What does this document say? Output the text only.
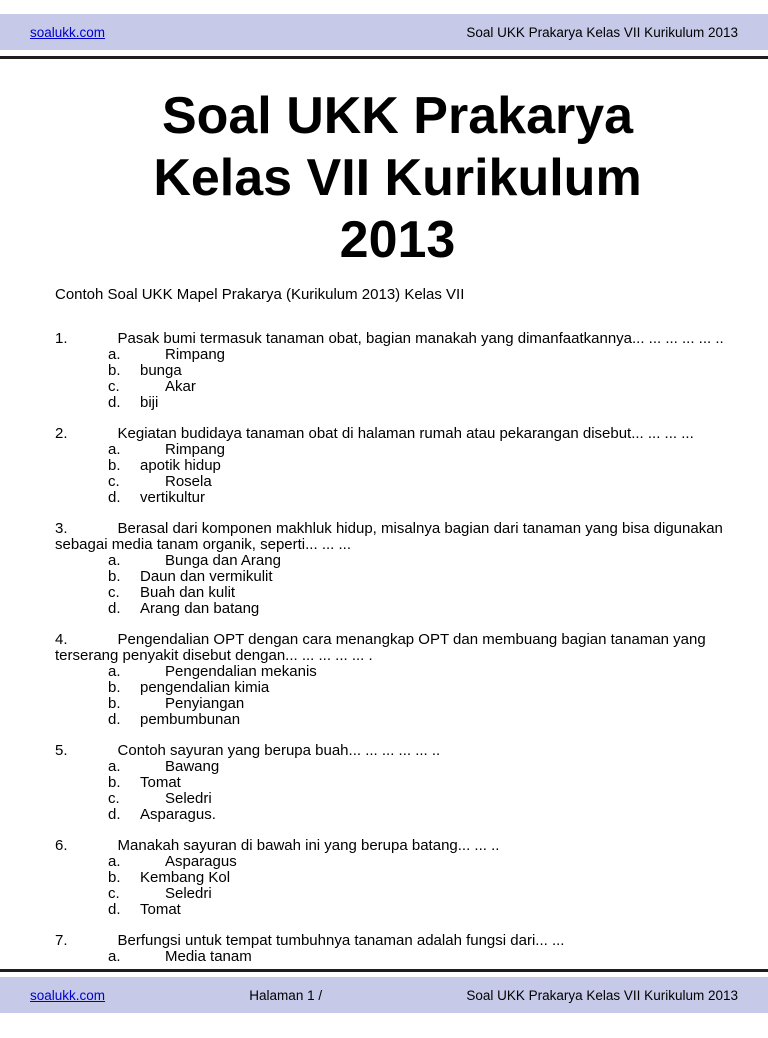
soalukk.com	Soal UKK Prakarya Kelas VII Kurikulum 2013
Soal UKK Prakarya
Kelas VII Kurikulum
2013
Contoh Soal UKK Mapel Prakarya (Kurikulum 2013) Kelas VII
1.	Pasak bumi termasuk tanaman obat, bagian manakah yang dimanfaatkannya... ... ... ... ... ..
a.	Rimpang
b. bunga
c.	Akar
d. biji
2.	Kegiatan budidaya tanaman obat di halaman rumah atau pekarangan disebut... ... ... ...
a.	Rimpang
b. apotik hidup
c.	Rosela
d. vertikultur
3.	Berasal dari komponen makhluk hidup, misalnya bagian dari tanaman yang bisa digunakan sebagai media tanam organik, seperti... ... ...
a.	Bunga dan Arang
b. Daun dan vermikulit
c. Buah dan kulit
d. Arang dan batang
4.	Pengendalian OPT dengan cara menangkap OPT dan membuang bagian tanaman yang terserang penyakit disebut dengan... ... ... ... ... .
a.	Pengendalian mekanis
b. pengendalian kimia
b.	Penyiangan
d. pembumbunan
5.	Contoh sayuran yang berupa buah... ... ... ... ... ..
a.	Bawang
b. Tomat
c.	Seledri
d. Asparagus.
6.	Manakah sayuran di bawah ini yang berupa batang... ... ..
a.	Asparagus
b. Kembang Kol
c.	Seledri
d. Tomat
7.	Berfungsi untuk tempat tumbuhnya tanaman adalah fungsi dari... ...
a.	Media tanam
soalukk.com	Halaman 1 /	Soal UKK Prakarya Kelas VII Kurikulum 2013
